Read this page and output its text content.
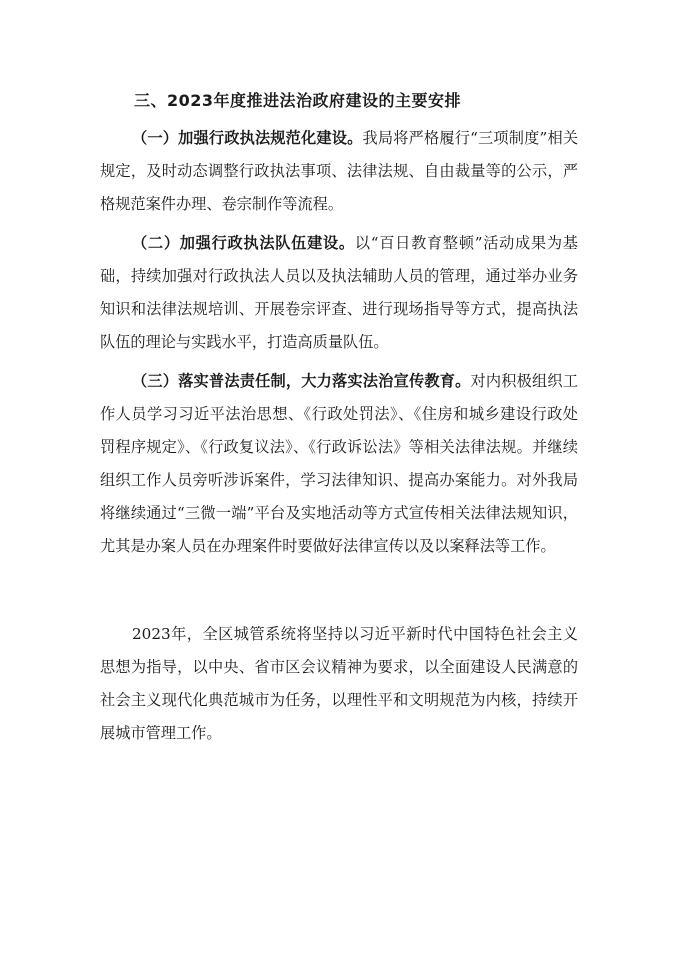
三、2023年度推进法治政府建设的主要安排

（一）加强行政执法规范化建设。我局将严格履行“三项制度”相关规定，及时动态调整行政执法事项、法律法规、自由裁量等的公示，严格规范案件办理、卷宗制作等流程。

（二）加强行政执法队伍建设。以“百日教育整顿”活动成果为基础，持续加强对行政执法人员以及执法辅助人员的管理，通过举办业务知识和法律法规培训、开展卷宗评查、进行现场指导等方式，提高执法队伍的理论与实践水平，打造高质量队伍。

（三）落实普法责任制，大力落实法治宣传教育。对内积极组织工作人员学习习近平法治思想、《行政处罚法》、《住房和城乡建设行政处罚程序规定》、《行政复议法》、《行政诉讼法》等相关法律法规。并继续组织工作人员旁听涉诉案件，学习法律知识、提高办案能力。对外我局将继续通过“三微一端”平台及实地活动等方式宣传相关法律法规知识，尤其是办案人员在办理案件时要做好法律宣传以及以案释法等工作。

2023年，全区城管系统将坚持以习近平新时代中国特色社会主义思想为指导，以中央、省市区会议精神为要求，以全面建设人民满意的社会主义现代化典范城市为任务，以理性平和文明规范为内核，持续开展城市管理工作。
